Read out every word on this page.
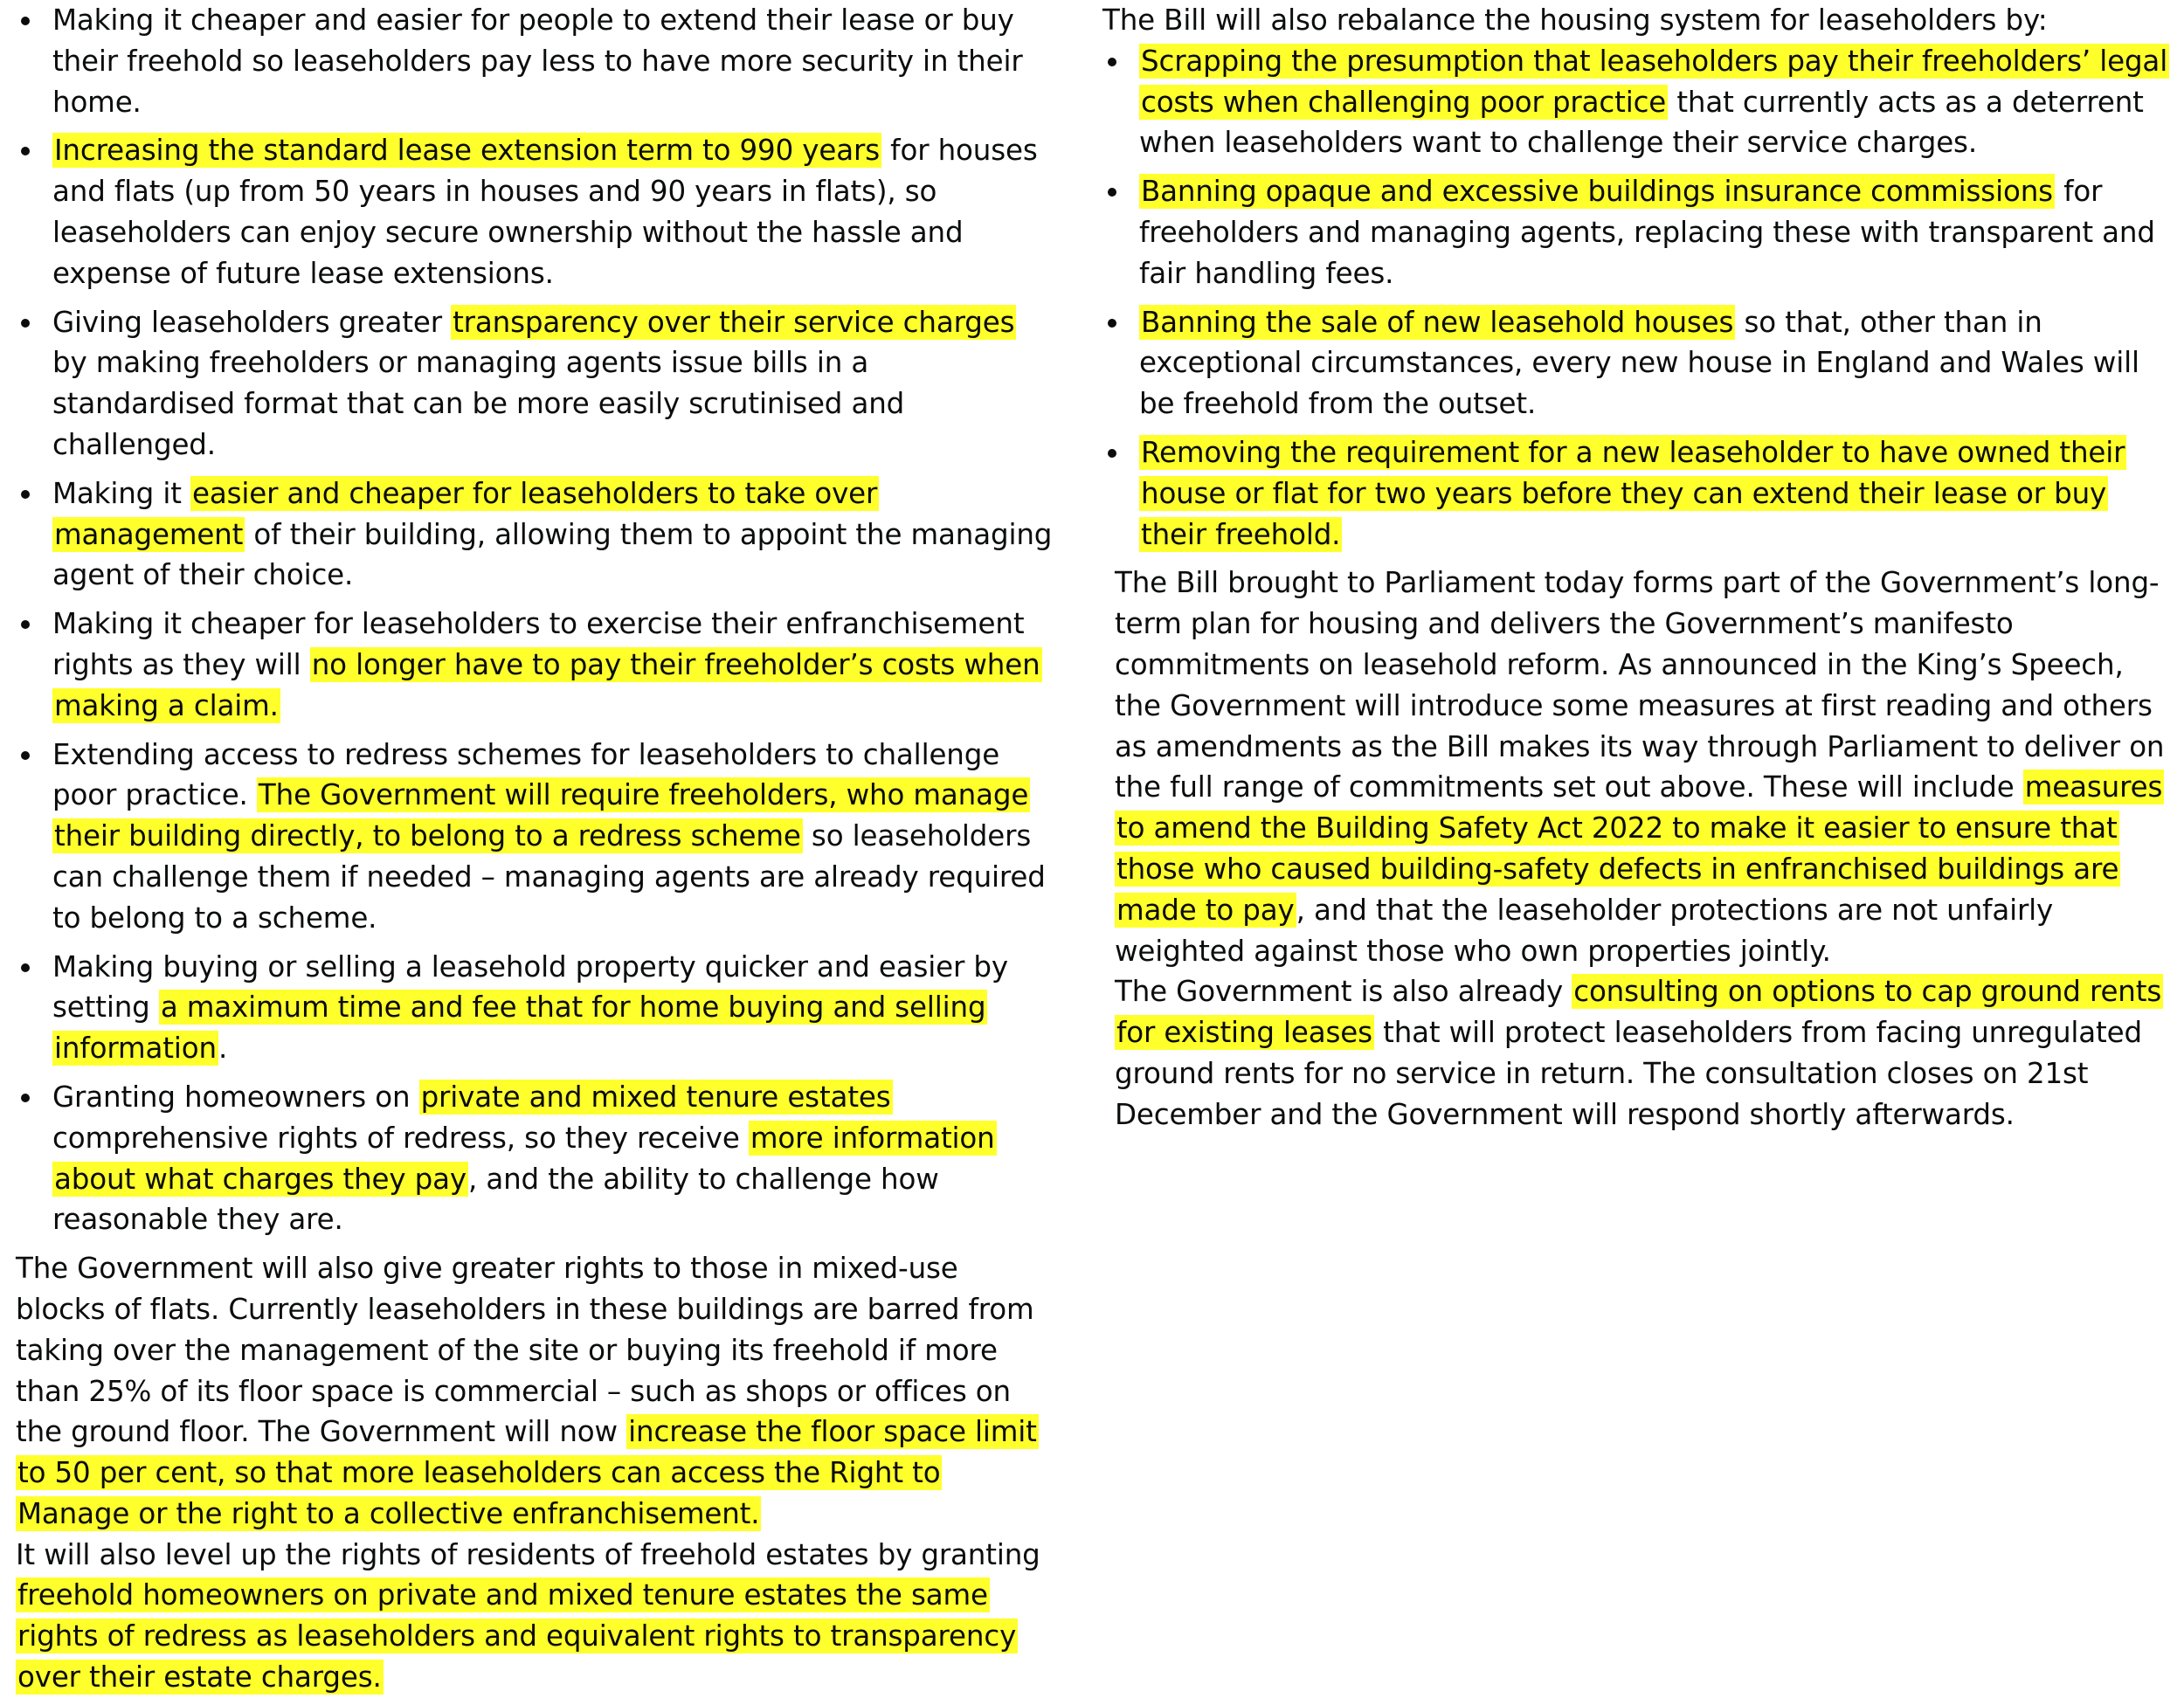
Making it cheaper and easier for people to extend their lease or buy their freehold so leaseholders pay less to have more security in their home.
Increasing the standard lease extension term to 990 years for houses and flats (up from 50 years in houses and 90 years in flats), so leaseholders can enjoy secure ownership without the hassle and expense of future lease extensions.
Giving leaseholders greater transparency over their service charges by making freeholders or managing agents issue bills in a standardised format that can be more easily scrutinised and challenged.
Making it easier and cheaper for leaseholders to take over management of their building, allowing them to appoint the managing agent of their choice.
Making it cheaper for leaseholders to exercise their enfranchisement rights as they will no longer have to pay their freeholder’s costs when making a claim.
Extending access to redress schemes for leaseholders to challenge poor practice. The Government will require freeholders, who manage their building directly, to belong to a redress scheme so leaseholders can challenge them if needed – managing agents are already required to belong to a scheme.
Making buying or selling a leasehold property quicker and easier by setting a maximum time and fee that for home buying and selling information.
Granting homeowners on private and mixed tenure estates comprehensive rights of redress, so they receive more information about what charges they pay, and the ability to challenge how reasonable they are.

The Government will also give greater rights to those in mixed-use blocks of flats. Currently leaseholders in these buildings are barred from taking over the management of the site or buying its freehold if more than 25% of its floor space is commercial – such as shops or offices on the ground floor. The Government will now increase the floor space limit to 50 per cent, so that more leaseholders can access the Right to Manage or the right to a collective enfranchisement.

It will also level up the rights of residents of freehold estates by granting freehold homeowners on private and mixed tenure estates the same rights of redress as leaseholders and equivalent rights to transparency over their estate charges.

The Bill will also rebalance the housing system for leaseholders by:

Scrapping the presumption that leaseholders pay their freeholders’ legal costs when challenging poor practice that currently acts as a deterrent when leaseholders want to challenge their service charges.
Banning opaque and excessive buildings insurance commissions for freeholders and managing agents, replacing these with transparent and fair handling fees.
Banning the sale of new leasehold houses so that, other than in exceptional circumstances, every new house in England and Wales will be freehold from the outset.
Removing the requirement for a new leaseholder to have owned their house or flat for two years before they can extend their lease or buy their freehold.

The Bill brought to Parliament today forms part of the Government’s long-term plan for housing and delivers the Government’s manifesto commitments on leasehold reform. As announced in the King’s Speech, the Government will introduce some measures at first reading and others as amendments as the Bill makes its way through Parliament to deliver on the full range of commitments set out above. These will include measures to amend the Building Safety Act 2022 to make it easier to ensure that those who caused building-safety defects in enfranchised buildings are made to pay, and that the leaseholder protections are not unfairly weighted against those who own properties jointly.

The Government is also already consulting on options to cap ground rents for existing leases that will protect leaseholders from facing unregulated ground rents for no service in return. The consultation closes on 21st December and the Government will respond shortly afterwards.
